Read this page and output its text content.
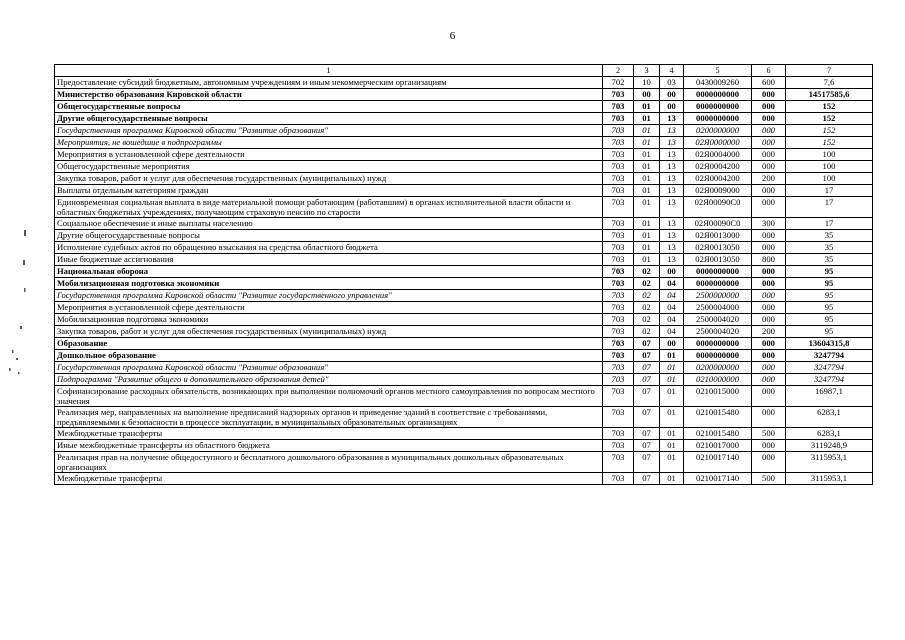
6
1	2	3	4	5	6	7
Предоставление субсидий бюджетным, автономным учреждениям и иным некоммерческим организациям	702	10	03	0430009260	600	7,6
Министерство образования Кировской области	703	00	00	0000000000	000	14517585,6
Общегосударственные вопросы	703	01	00	0000000000	000	152
Другие общегосударственные вопросы	703	01	13	0000000000	000	152
Государственная программа Кировской области "Развитие образования"	703	01	13	0200000000	000	152
Мероприятия, не вошедшие в подпрограммы	703	01	13	02Я0000000	000	152
Мероприятия в установленной сфере деятельности	703	01	13	02Я0004000	000	100
Общегосударственные мероприятия	703	01	13	02Я0004200	000	100
Закупка товаров, работ и услуг для обеспечения государственных (муниципальных) нужд	703	01	13	02Я0004200	200	100
Выплаты отдельным категориям граждан	703	01	13	02Я0009000	000	17
Единовременная социальная выплата в виде материальной помощи работающим (работавшим) в органах исполнительной власти области и областных бюджетных учреждениях, получающим страховую пенсию по старости	703	01	13	02Я00090С0	000	17
Социальное обеспечение и иные выплаты населению	703	01	13	02Я00090С0	300	17
Другие общегосударственные вопросы	703	01	13	02Я0013000	000	35
Исполнение судебных актов по обращению взыскания на средства областного бюджета	703	01	13	02Я0013050	000	35
Иные бюджетные ассигнования	703	01	13	02Я0013050	800	35
Национальная оборона	703	02	00	0000000000	000	95
Мобилизационная подготовка экономики	703	02	04	0000000000	000	95
Государственная программа Кировской области "Развитие государственного управления"	703	02	04	2500000000	000	95
Мероприятия в установленной сфере деятельности	703	02	04	2500004000	000	95
Мобилизационная подготовка экономики	703	02	04	2500004020	000	95
Закупка товаров, работ и услуг для обеспечения государственных (муниципальных) нужд	703	02	04	2500004020	200	95
Образование	703	07	00	0000000000	000	13604315,8
Дошкольное образование	703	07	01	0000000000	000	3247794
Государственная программа Кировской области "Развитие образования"	703	07	01	0200000000	000	3247794
Подпрограмма "Развитие общего и дополнительного образования детей"	703	07	01	0210000000	000	3247794
Софинансирование расходных обязательств, возникающих при выполнении полномочий органов местного самоуправления по вопросам местного значения	703	07	01	0210015000	000	16987,1
Реализация мер, направленных на выполнение предписаний надзорных органов и приведение зданий в соответствие с требованиями, предъявляемыми к безопасности в процессе эксплуатации, в муниципальных образовательных организациях	703	07	01	0210015480	000	6283,1
Межбюджетные трансферты	703	07	01	0210015480	500	6283,1
Иные межбюджетные трансферты из областного бюджета	703	07	01	0210017000	000	3119248,9
Реализация прав на получение общедоступного и бесплатного дошкольного образования в муниципальных дошкольных образовательных организациях	703	07	01	0210017140	000	3115953,1
Межбюджетные трансферты	703	07	01	0210017140	500	3115953,1
